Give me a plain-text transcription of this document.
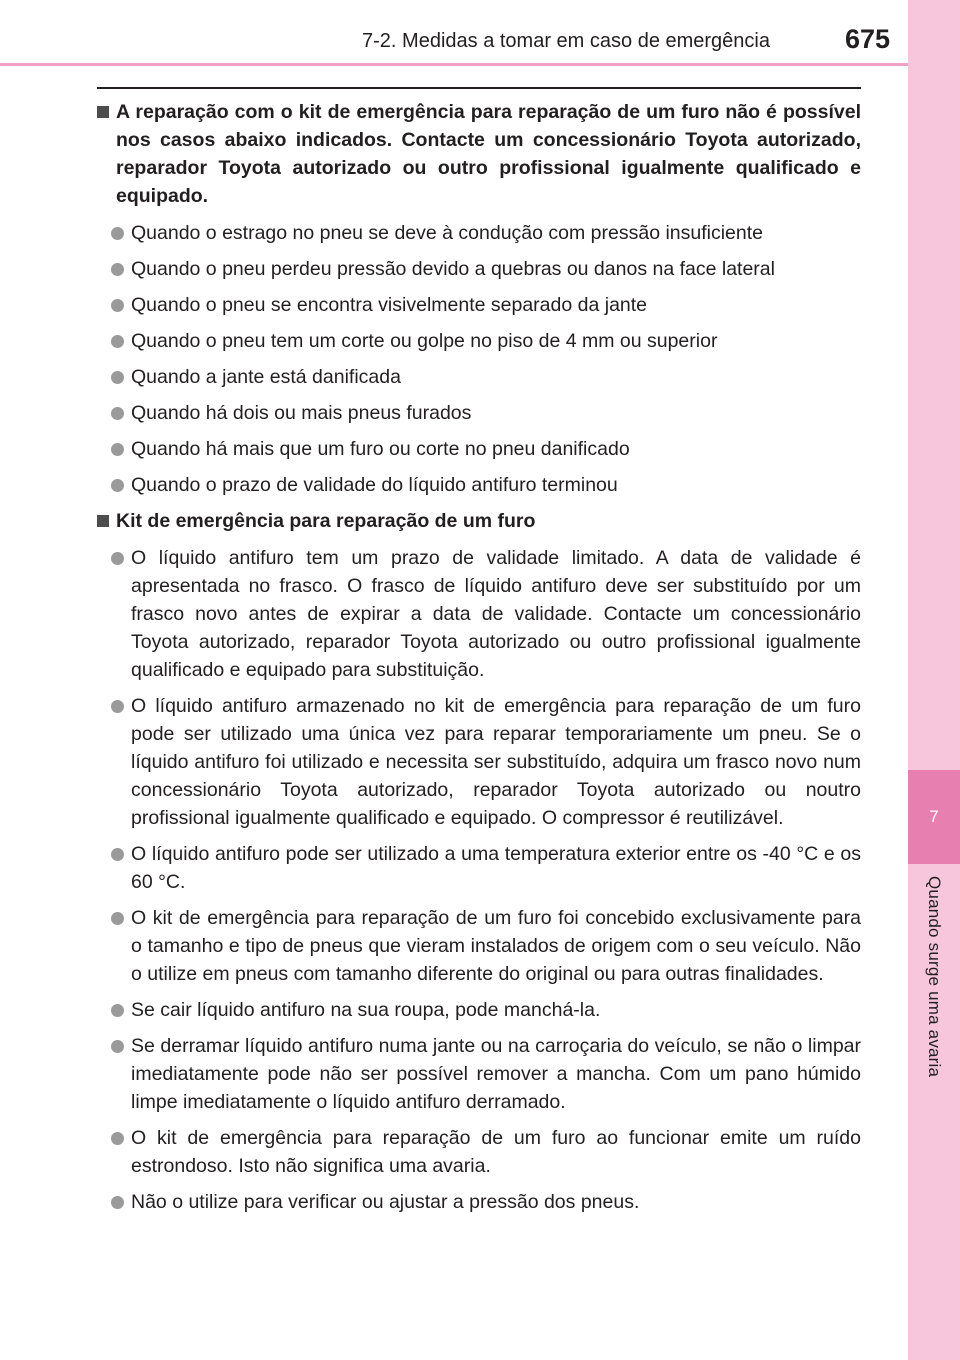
7
Quando surge uma avaria
7-2. Medidas a tomar em caso de emergência	675
A reparação com o kit de emergência para reparação de um furo não é possível nos casos abaixo indicados. Contacte um concessionário Toyota autorizado, reparador Toyota autorizado ou outro profissional igualmente qualificado e equipado.
Quando o estrago no pneu se deve à condução com pressão insuficiente
Quando o pneu perdeu pressão devido a quebras ou danos na face lateral
Quando o pneu se encontra visivelmente separado da jante
Quando o pneu tem um corte ou golpe no piso de 4 mm ou superior
Quando a jante está danificada
Quando há dois ou mais pneus furados
Quando há mais que um furo ou corte no pneu danificado
Quando o prazo de validade do líquido antifuro terminou
Kit de emergência para reparação de um furo
O líquido antifuro tem um prazo de validade limitado. A data de validade é apresentada no frasco. O frasco de líquido antifuro deve ser substituído por um frasco novo antes de expirar a data de validade. Contacte um concessionário Toyota autorizado, reparador Toyota autorizado ou outro profissional igualmente qualificado e equipado para substituição.
O líquido antifuro armazenado no kit de emergência para reparação de um furo pode ser utilizado uma única vez para reparar temporariamente um pneu. Se o líquido antifuro foi utilizado e necessita ser substituído, adquira um frasco novo num concessionário Toyota autorizado, reparador Toyota autorizado ou noutro profissional igualmente qualificado e equipado. O compressor é reutilizável.
O líquido antifuro pode ser utilizado a uma temperatura exterior entre os -40 °C e os 60 °C.
O kit de emergência para reparação de um furo foi concebido exclusivamente para o tamanho e tipo de pneus que vieram instalados de origem com o seu veículo. Não o utilize em pneus com tamanho diferente do original ou para outras finalidades.
Se cair líquido antifuro na sua roupa, pode manchá-la.
Se derramar líquido antifuro numa jante ou na carroçaria do veículo, se não o limpar imediatamente pode não ser possível remover a mancha. Com um pano húmido limpe imediatamente o líquido antifuro derramado.
O kit de emergência para reparação de um furo ao funcionar emite um ruído estrondoso. Isto não significa uma avaria.
Não o utilize para verificar ou ajustar a pressão dos pneus.
